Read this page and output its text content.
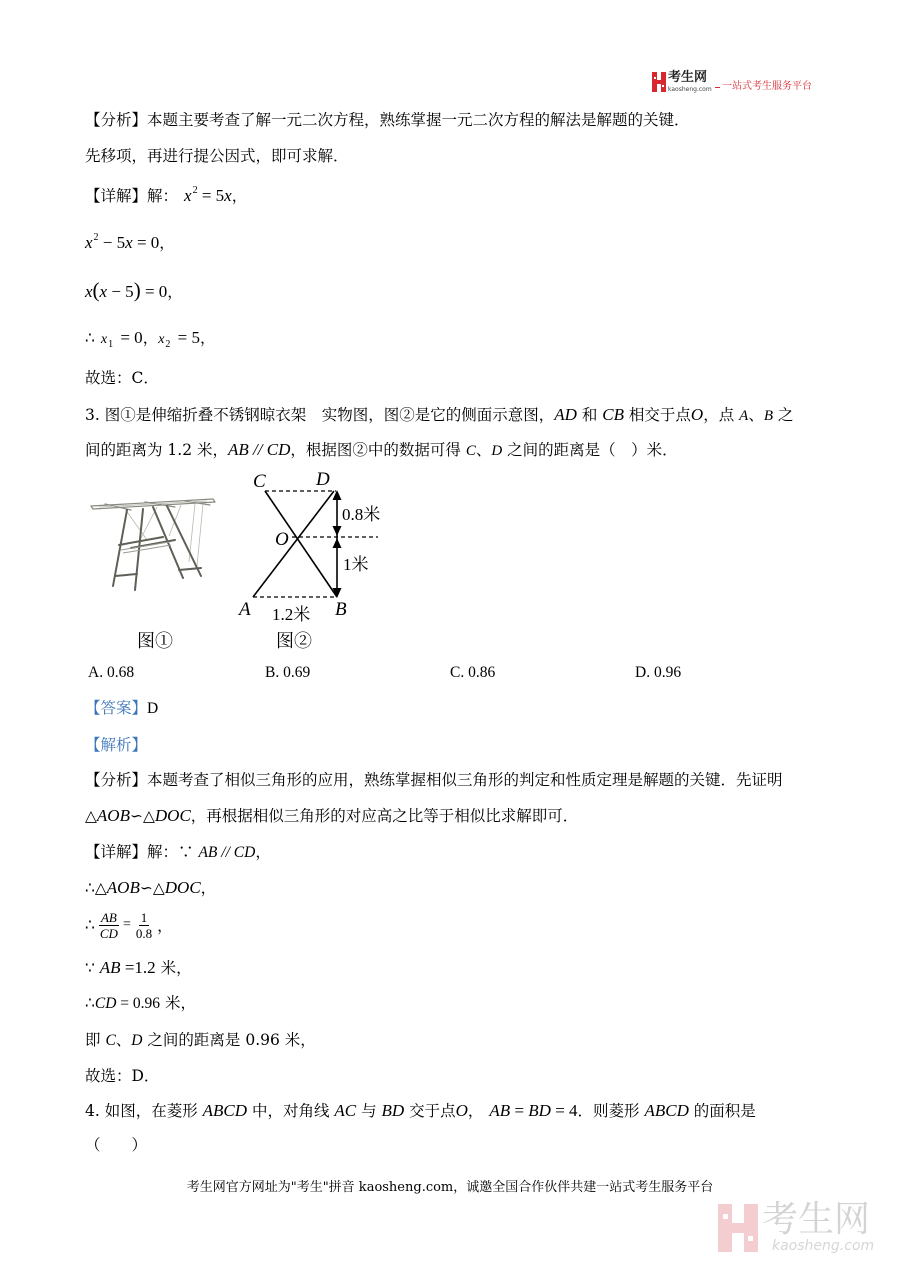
考生网
kaosheng.com 一站式考生服务平台
【分析】 本题主要考查了解一元二次方程，熟练掌握一元二次方程的解法是解题的关键．
先移项，再进行提公因式，即可求解．
【详解】 解： x 2 = 5 x ，
x 2 − 5 x = 0 ，
x ( x − 5 ) = 0 ，
∴ x 1 = 0 ， x 2 = 5 ，
故选：C．
3. 图①是伸缩折叠不锈钢晾衣架　实物图，图②是它的侧面示意图， AD 和 CB 相交于点 O ，点 A 、 B 之
间的距离为 1.2 米， AB // CD ，根据图②中的数据可得 C 、 D 之间的距离是（　）米．
图①
C	D
O
A	B
0.8米
1米
1.2米
图②
A. 0.68	B. 0.69	C. 0.86	D. 0.96
【答案】 D
【解析】
【分析】 本题考查了相似三角形的应用，熟练掌握相似三角形的判定和性质定理是解题的关键．先证明
△ AOB ∽ △ DOC ，再根据相似三角形的对应高之比等于相似比求解即可．
【详解】 解：∵ AB // CD ，
∴△ AOB ∽△ DOC ，
∴ $\frac{AB}{CD} = \frac{1}{0.8}$ ，
∵ AB =1.2 米，
∴ CD = 0.96 米，
即 C 、 D 之间的距离是 0.96 米，
故选：D．
4. 如图，在菱形 ABCD 中，对角线 AC 与 BD 交于点 O ， AB = BD = 4 ．则菱形 ABCD 的面积是
（　　）
考生网官方网址为"考生"拼音 kaosheng.com，诚邀全国合作伙伴共建一站式考生服务平台
考生网
kaosheng.com
